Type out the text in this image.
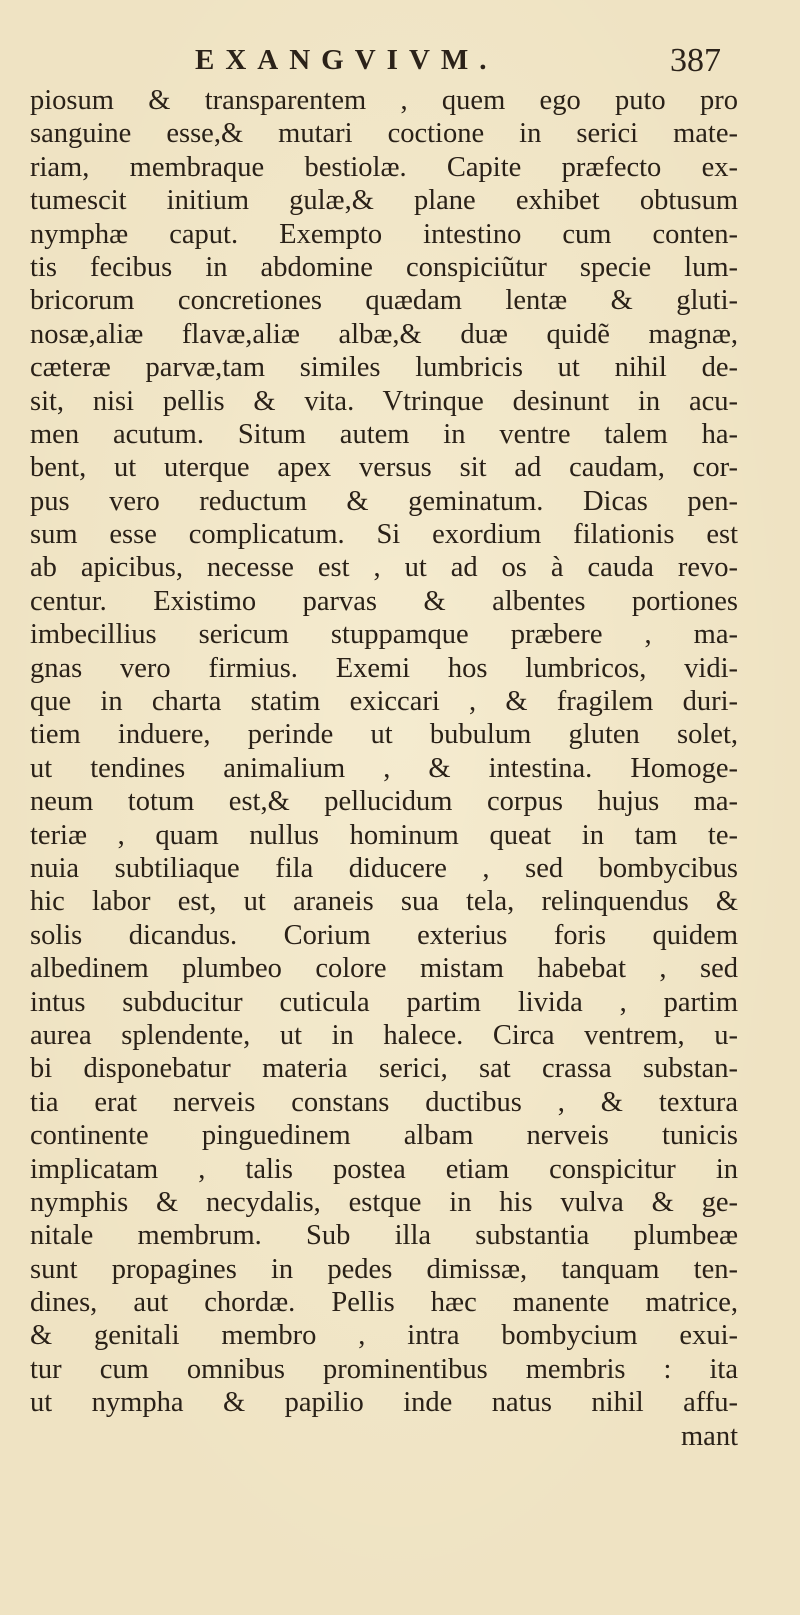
EXANGVIVM.	387
piosum & transparentem , quem ego puto pro
sanguine esse,& mutari coctione in serici mate-
riam, membraque bestiolæ. Capite præfecto ex-
tumescit initium gulæ,& plane exhibet obtusum
nymphæ caput. Exempto intestino cum conten-
tis fecibus in abdomine conspiciũtur specie lum-
bricorum concretiones quædam lentæ & gluti-
nosæ,aliæ flavæ,aliæ albæ,& duæ quidẽ magnæ,
cæteræ parvæ,tam similes lumbricis ut nihil de-
sit, nisi pellis & vita. Vtrinque desinunt in acu-
men acutum. Situm autem in ventre talem ha-
bent, ut uterque apex versus sit ad caudam, cor-
pus vero reductum & geminatum. Dicas pen-
sum esse complicatum. Si exordium filationis est
ab apicibus, necesse est , ut ad os à cauda revo-
centur. Existimo parvas & albentes portiones
imbecillius sericum stuppamque præbere , ma-
gnas vero firmius. Exemi hos lumbricos, vidi-
que in charta statim exiccari , & fragilem duri-
tiem induere, perinde ut bubulum gluten solet,
ut tendines animalium , & intestina. Homoge-
neum totum est,& pellucidum corpus hujus ma-
teriæ , quam nullus hominum queat in tam te-
nuia subtiliaque fila diducere , sed bombycibus
hic labor est, ut araneis sua tela, relinquendus &
solis dicandus. Corium exterius foris quidem
albedinem plumbeo colore mistam habebat , sed
intus subducitur cuticula partim livida , partim
aurea splendente, ut in halece. Circa ventrem, u-
bi disponebatur materia serici, sat crassa substan-
tia erat nerveis constans ductibus , & textura
continente pinguedinem albam nerveis tunicis
implicatam , talis postea etiam conspicitur in
nymphis & necydalis, estque in his vulva & ge-
nitale membrum. Sub illa substantia plumbeæ
sunt propagines in pedes dimissæ, tanquam ten-
dines, aut chordæ. Pellis hæc manente matrice,
& genitali membro , intra bombycium exui-
tur cum omnibus prominentibus membris : ita
ut nympha & papilio inde natus nihil affu-
mant
